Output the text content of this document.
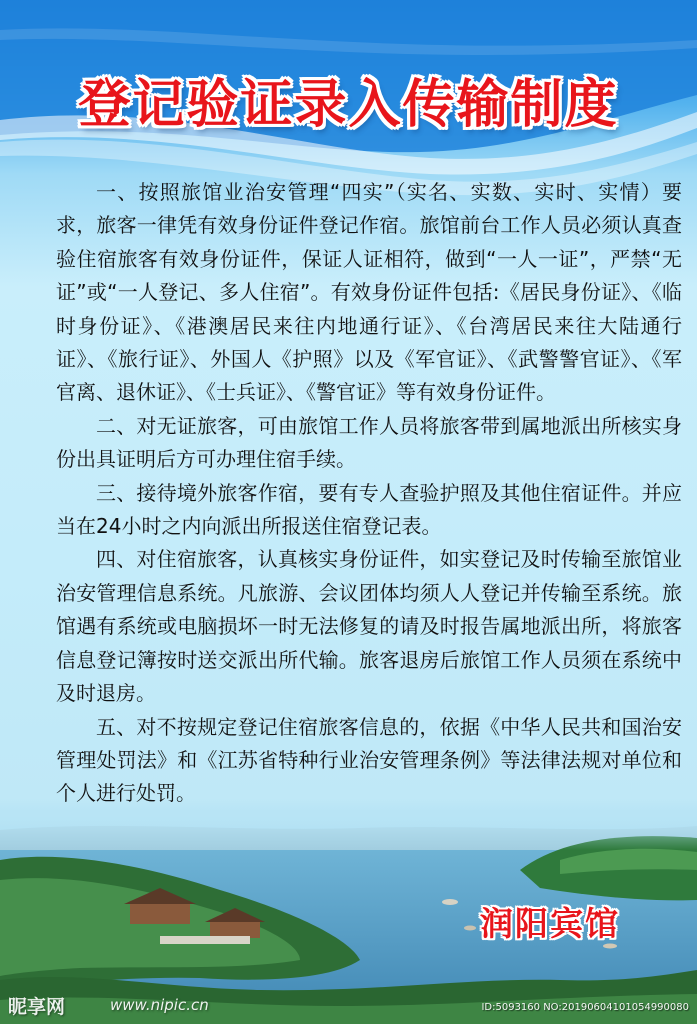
登记验证录入传输制度

一、按照旅馆业治安管理“四实”（实名、实数、实时、实情）要求，旅客一律凭有效身份证件登记作宿。旅馆前台工作人员必须认真查验住宿旅客有效身份证件，保证人证相符，做到“一人一证”，严禁“无证”或“一人登记、多人住宿”。有效身份证件包括:《居民身份证》、《临时身份证》、《港澳居民来往内地通行证》、《台湾居民来往大陆通行证》、《旅行证》、外国人《护照》以及《军官证》、《武警警官证》、《军官离、退休证》、《士兵证》、《警官证》等有效身份证件。

二、对无证旅客，可由旅馆工作人员将旅客带到属地派出所核实身份出具证明后方可办理住宿手续。

三、接待境外旅客作宿，要有专人查验护照及其他住宿证件。并应当在24小时之内向派出所报送住宿登记表。

四、对住宿旅客，认真核实身份证件，如实登记及时传输至旅馆业治安管理信息系统。凡旅游、会议团体均须人人登记并传输至系统。旅馆遇有系统或电脑损坏一时无法修复的请及时报告属地派出所，将旅客信息登记簿按时送交派出所代输。旅客退房后旅馆工作人员须在系统中及时退房。

五、对不按规定登记住宿旅客信息的，依据《中华人民共和国治安管理处罚法》和《江苏省特种行业治安管理条例》等法律法规对单位和个人进行处罚。

润阳宾馆
昵享网	www.nipic.cn	ID:5093160 NO:20190604101054990080
